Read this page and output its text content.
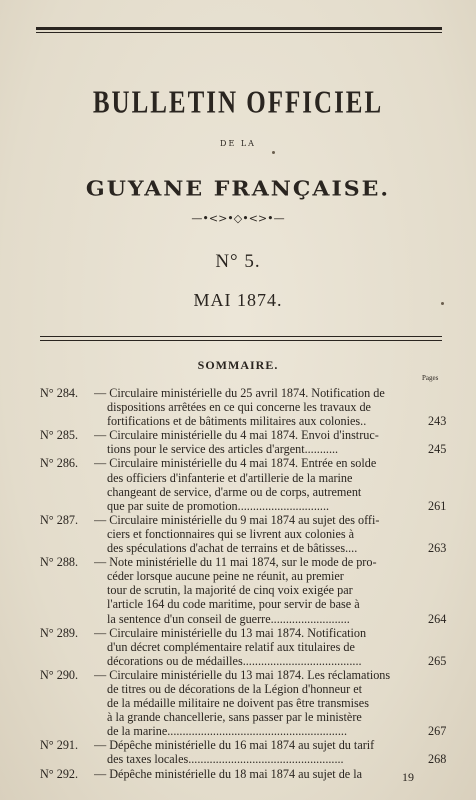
BULLETIN OFFICIEL
DE LA
GUYANE FRANÇAISE.
—•<>•◇•<>•—
N° 5.
MAI 1874.
SOMMAIRE.
Pages
N° 284.	— Circulaire ministérielle du 25 avril 1874. Notification de
dispositions arrêtées en ce qui concerne les travaux de
fortifications et de bâtiments militaires aux colonies..	243
N° 285.	— Circulaire ministérielle du 4 mai 1874. Envoi d'instruc-
tions pour le service des articles d'argent...........	245
N° 286.	— Circulaire ministérielle du 4 mai 1874. Entrée en solde
des officiers d'infanterie et d'artillerie de la marine
changeant de service, d'arme ou de corps, autrement
que par suite de promotion..............................	261
N° 287.	— Circulaire ministérielle du 9 mai 1874 au sujet des offi-
ciers et fonctionnaires qui se livrent aux colonies à
des spéculations d'achat de terrains et de bâtisses....	263
N° 288.	— Note ministérielle du 11 mai 1874, sur le mode de pro-
céder lorsque aucune peine ne réunit, au premier
tour de scrutin, la majorité de cinq voix exigée par
l'article 164 du code maritime, pour servir de base à
la sentence d'un conseil de guerre..........................	264
N° 289.	— Circulaire ministérielle du 13 mai 1874. Notification
d'un décret complémentaire relatif aux titulaires de
décorations ou de médailles.......................................	265
N° 290.	— Circulaire ministérielle du 13 mai 1874. Les réclamations
de titres ou de décorations de la Légion d'honneur et
de la médaille militaire ne doivent pas être transmises
à la grande chancellerie, sans passer par le ministère
de la marine...........................................................	267
N° 291.	— Dépêche ministérielle du 16 mai 1874 au sujet du tarif
des taxes locales...................................................	268
N° 292.	— Dépêche ministérielle du 18 mai 1874 au sujet de la	19
